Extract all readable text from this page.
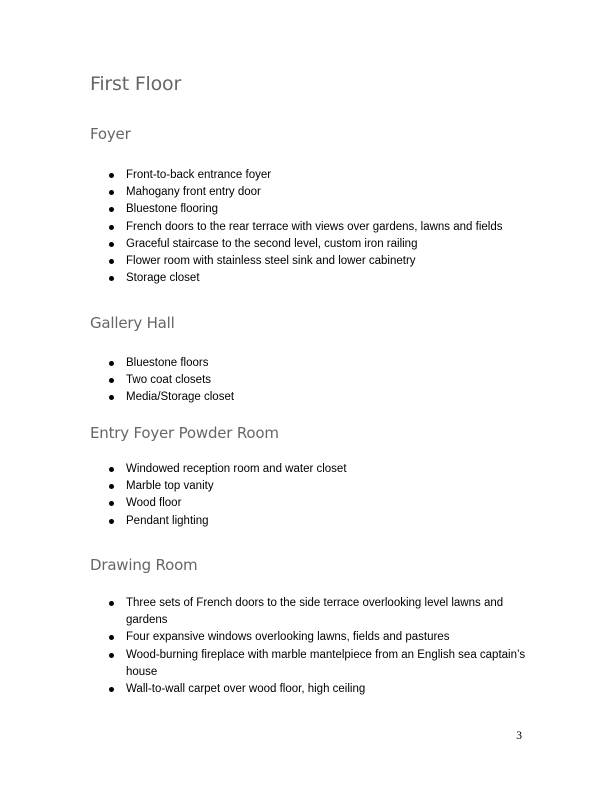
First Floor
Foyer
Front-to-back entrance foyer
Mahogany front entry door
Bluestone flooring
French doors to the rear terrace with views over gardens, lawns and fields
Graceful staircase to the second level, custom iron railing
Flower room with stainless steel sink and lower cabinetry
Storage closet
Gallery Hall
Bluestone floors
Two coat closets
Media/Storage closet
Entry Foyer Powder Room
Windowed reception room and water closet
Marble top vanity
Wood floor
Pendant lighting
Drawing Room
Three sets of French doors to the side terrace overlooking level lawns and gardens
Four expansive windows overlooking lawns, fields and pastures
Wood-burning fireplace with marble mantelpiece from an English sea captain’s house
Wall-to-wall carpet over wood floor, high ceiling
3
